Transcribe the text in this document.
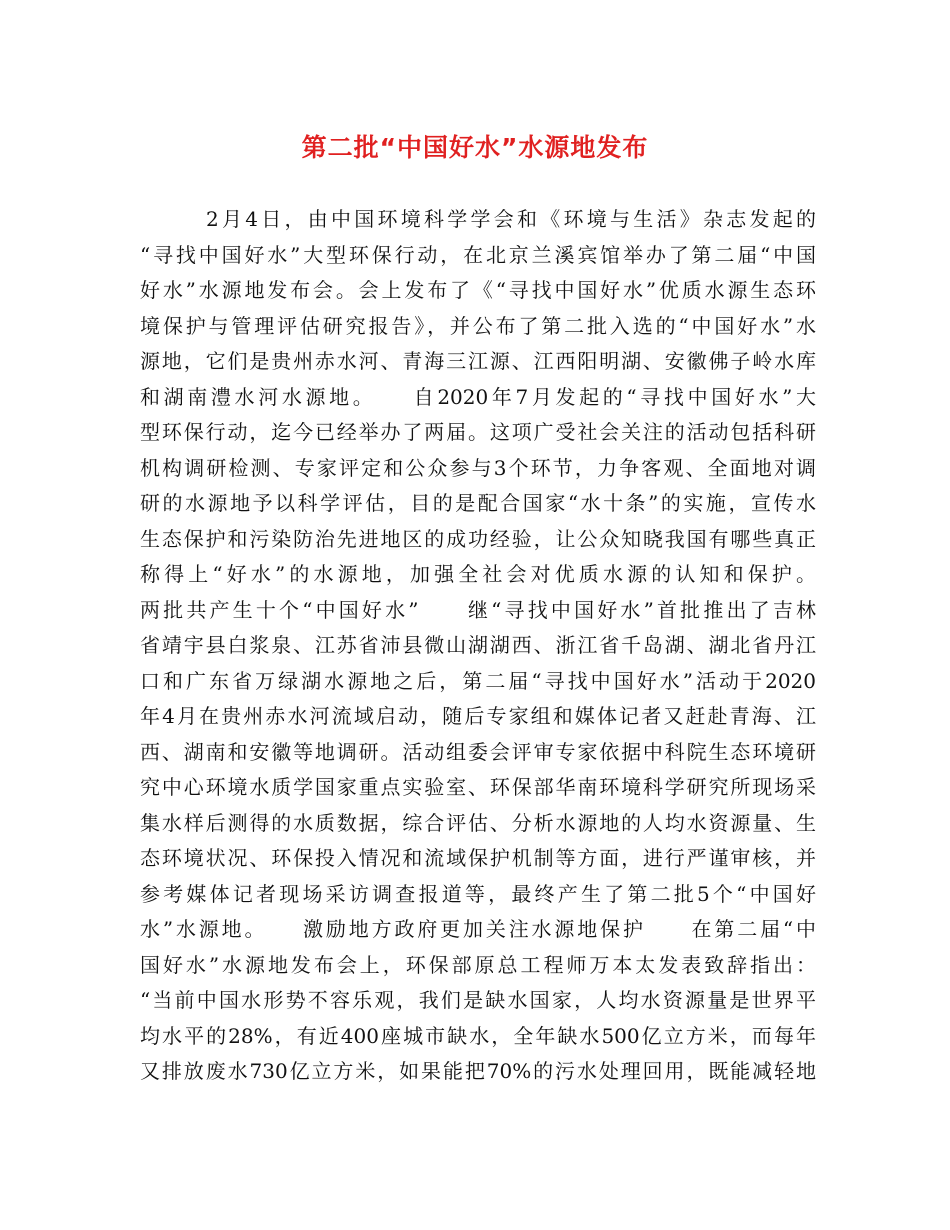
第二批“中国好水”水源地发布
2月4日，由中国环境科学学会和《环境与生活》杂志发起的
“寻找中国好水”大型环保行动，在北京兰溪宾馆举办了第二届“中国
好水”水源地发布会。会上发布了《“寻找中国好水”优质水源生态环
境保护与管理评估研究报告》，并公布了第二批入选的“中国好水”水
源地，它们是贵州赤水河、青海三江源、江西阳明湖、安徽佛子岭水库
和湖南澧水河水源地。　　自2020年7月发起的“寻找中国好水”大
型环保行动，迄今已经举办了两届。这项广受社会关注的活动包括科研
机构调研检测、专家评定和公众参与3个环节，力争客观、全面地对调
研的水源地予以科学评估，目的是配合国家“水十条”的实施，宣传水
生态保护和污染防治先进地区的成功经验，让公众知晓我国有哪些真正
称得上“好水”的水源地，加强全社会对优质水源的认知和保护。
两批共产生十个“中国好水”　　继“寻找中国好水”首批推出了吉林
省靖宇县白浆泉、江苏省沛县微山湖湖西、浙江省千岛湖、湖北省丹江
口和广东省万绿湖水源地之后，第二届“寻找中国好水”活动于2020
年4月在贵州赤水河流域启动，随后专家组和媒体记者又赶赴青海、江
西、湖南和安徽等地调研。活动组委会评审专家依据中科院生态环境研
究中心环境水质学国家重点实验室、环保部华南环境科学研究所现场采
集水样后测得的水质数据，综合评估、分析水源地的人均水资源量、生
态环境状况、环保投入情况和流域保护机制等方面，进行严谨审核，并
参考媒体记者现场采访调查报道等，最终产生了第二批5个“中国好
水”水源地。　　激励地方政府更加关注水源地保护　　在第二届“中
国好水”水源地发布会上，环保部原总工程师万本太发表致辞指出：
“当前中国水形势不容乐观，我们是缺水国家，人均水资源量是世界平
均水平的28%，有近400座城市缺水，全年缺水500亿立方米，而每年
又排放废水730亿立方米，如果能把70%的污水处理回用，既能减轻地
